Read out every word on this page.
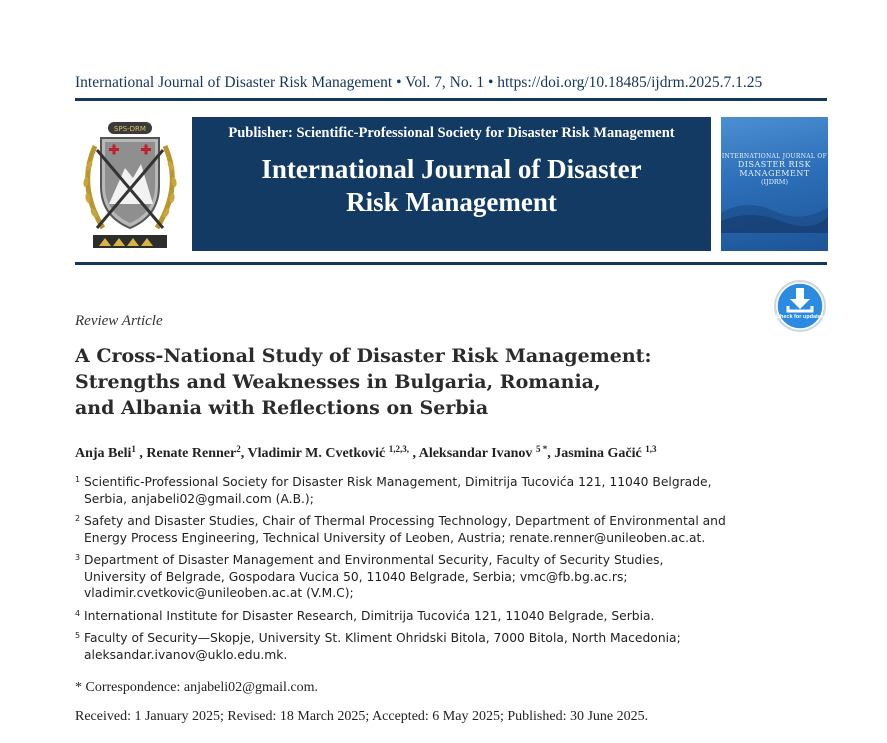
International Journal of Disaster Risk Management • Vol. 7, No. 1 • https://doi.org/10.18485/ijdrm.2025.7.1.25
SPS-DRM	Publisher: Scientific-Professional Society for Disaster Risk Management
International Journal of Disaster
Risk Management
INTERNATIONAL JOURNAL OF
DISASTER RISK
MANAGEMENT
(IJDRM)
Check for updates
Review Article
A Cross-National Study of Disaster Risk Management:
Strengths and Weaknesses in Bulgaria, Romania,
and Albania with Reflections on Serbia
Anja Beli$^1$ , Renate Renner$^2$, Vladimir M. Cvetković $^{1,2,3,}$ , Aleksandar Ivanov $^{5 *}$, Jasmina Gačić $^{1,3}$
1 Scientific-Professional Society for Disaster Risk Management, Dimitrija Tucovića 121, 11040 Belgrade,
Serbia, anjabeli02@gmail.com (A.B.);
2 Safety and Disaster Studies, Chair of Thermal Processing Technology, Department of Environmental and
Energy Process Engineering, Technical University of Leoben, Austria; renate.renner@unileoben.ac.at.
3 Department of Disaster Management and Environmental Security, Faculty of Security Studies,
University of Belgrade, Gospodara Vucica 50, 11040 Belgrade, Serbia; vmc@fb.bg.ac.rs;
vladimir.cvetkovic@unileoben.ac.at (V.M.C);
4 International Institute for Disaster Research, Dimitrija Tucovića 121, 11040 Belgrade, Serbia.
5 Faculty of Security—Skopje, University St. Kliment Ohridski Bitola, 7000 Bitola, North Macedonia;
aleksandar.ivanov@uklo.edu.mk.
* Correspondence: anjabeli02@gmail.com.
Received: 1 January 2025; Revised: 18 March 2025; Accepted: 6 May 2025; Published: 30 June 2025.
